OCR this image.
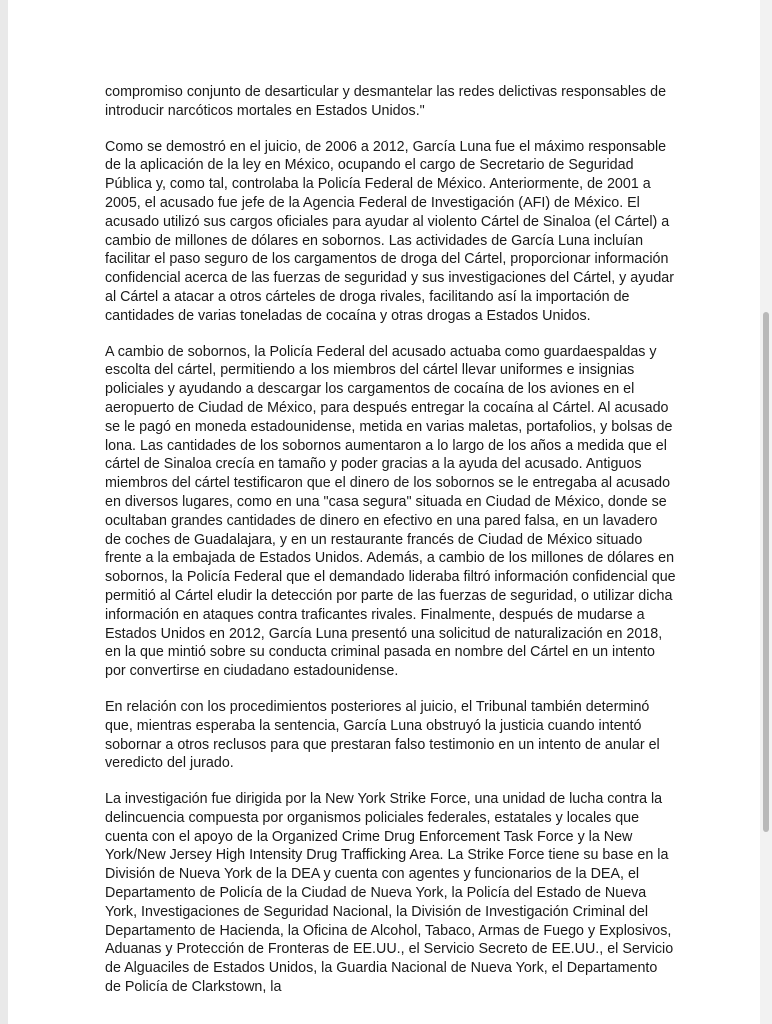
compromiso conjunto de desarticular y desmantelar las redes delictivas responsables de introducir narcóticos mortales en Estados Unidos."

Como se demostró en el juicio, de 2006 a 2012, García Luna fue el máximo responsable de la aplicación de la ley en México, ocupando el cargo de Secretario de Seguridad Pública y, como tal, controlaba la Policía Federal de México. Anteriormente, de 2001 a 2005, el acusado fue jefe de la Agencia Federal de Investigación (AFI) de México. El acusado utilizó sus cargos oficiales para ayudar al violento Cártel de Sinaloa (el Cártel) a cambio de millones de dólares en sobornos. Las actividades de García Luna incluían facilitar el paso seguro de los cargamentos de droga del Cártel, proporcionar información confidencial acerca de las fuerzas de seguridad y sus investigaciones del Cártel, y ayudar al Cártel a atacar a otros cárteles de droga rivales, facilitando así la importación de cantidades de varias toneladas de cocaína y otras drogas a Estados Unidos.

A cambio de sobornos, la Policía Federal del acusado actuaba como guardaespaldas y escolta del cártel, permitiendo a los miembros del cártel llevar uniformes e insignias policiales y ayudando a descargar los cargamentos de cocaína de los aviones en el aeropuerto de Ciudad de México, para después entregar la cocaína al Cártel. Al acusado se le pagó en moneda estadounidense, metida en varias maletas, portafolios, y bolsas de lona. Las cantidades de los sobornos aumentaron a lo largo de los años a medida que el cártel de Sinaloa crecía en tamaño y poder gracias a la ayuda del acusado. Antiguos miembros del cártel testificaron que el dinero de los sobornos se le entregaba al acusado en diversos lugares, como en una "casa segura" situada en Ciudad de México, donde se ocultaban grandes cantidades de dinero en efectivo en una pared falsa, en un lavadero de coches de Guadalajara, y en un restaurante francés de Ciudad de México situado frente a la embajada de Estados Unidos. Además, a cambio de los millones de dólares en sobornos, la Policía Federal que el demandado lideraba filtró información confidencial que permitió al Cártel eludir la detección por parte de las fuerzas de seguridad, o utilizar dicha información en ataques contra traficantes rivales. Finalmente, después de mudarse a Estados Unidos en 2012, García Luna presentó una solicitud de naturalización en 2018, en la que mintió sobre su conducta criminal pasada en nombre del Cártel en un intento por convertirse en ciudadano estadounidense.

En relación con los procedimientos posteriores al juicio, el Tribunal también determinó que, mientras esperaba la sentencia, García Luna obstruyó la justicia cuando intentó sobornar a otros reclusos para que prestaran falso testimonio en un intento de anular el veredicto del jurado.

La investigación fue dirigida por la New York Strike Force, una unidad de lucha contra la delincuencia compuesta por organismos policiales federales, estatales y locales que cuenta con el apoyo de la Organized Crime Drug Enforcement Task Force y la New York/New Jersey High Intensity Drug Trafficking Area. La Strike Force tiene su base en la División de Nueva York de la DEA y cuenta con agentes y funcionarios de la DEA, el Departamento de Policía de la Ciudad de Nueva York, la Policía del Estado de Nueva York, Investigaciones de Seguridad Nacional, la División de Investigación Criminal del Departamento de Hacienda, la Oficina de Alcohol, Tabaco, Armas de Fuego y Explosivos, Aduanas y Protección de Fronteras de EE.UU., el Servicio Secreto de EE.UU., el Servicio de Alguaciles de Estados Unidos, la Guardia Nacional de Nueva York, el Departamento de Policía de Clarkstown, la
